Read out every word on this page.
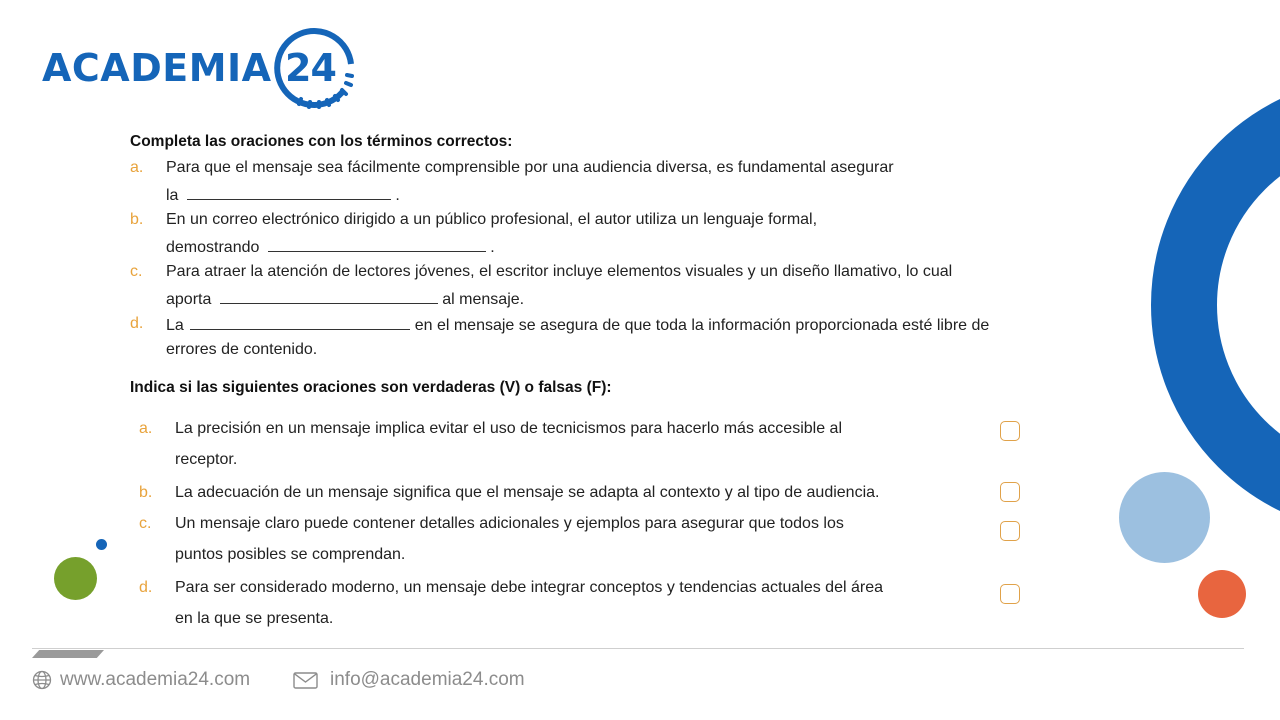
ACADEMIA 24
Completa las oraciones con los términos correctos:
a. Para que el mensaje sea fácilmente comprensible por una audiencia diversa, es fundamental asegurar
la	.
b. En un correo electrónico dirigido a un público profesional, el autor utiliza un lenguaje formal,
demostrando	.
c. Para atraer la atención de lectores jóvenes, el escritor incluye elementos visuales y un diseño llamativo, lo cual
aporta	al mensaje.
d. La	en el mensaje se asegura de que toda la información proporcionada esté libre de
errores de contenido.
Indica si las siguientes oraciones son verdaderas (V) o falsas (F):
a. La precisión en un mensaje implica evitar el uso de tecnicismos para hacerlo más accesible al
receptor.
b. La adecuación de un mensaje significa que el mensaje se adapta al contexto y al tipo de audiencia.
c. Un mensaje claro puede contener detalles adicionales y ejemplos para asegurar que todos los
puntos posibles se comprendan.
d. Para ser considerado moderno, un mensaje debe integrar conceptos y tendencias actuales del área
en la que se presenta.
www.academia24.com	info@academia24.com
